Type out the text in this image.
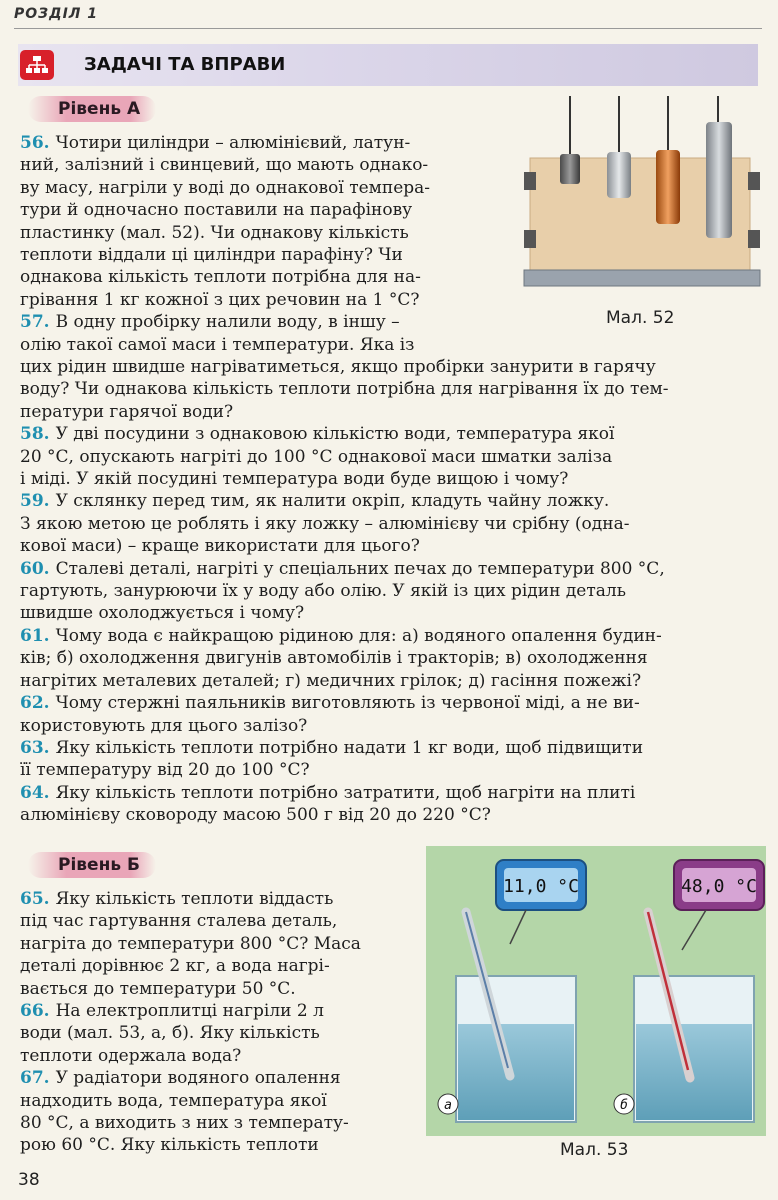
РОЗДІЛ 1
ЗАДАЧІ ТА ВПРАВИ
Рівень А
Мал. 52

56. Чотири циліндри – алюмінієвий, латун-
ний, залізний і свинцевий, що мають однако-
ву масу, нагріли у воді до однакової темпера-
тури й одночасно поставили на парафінову
пластинку (мал. 52). Чи однакову кількість
теплоти віддали ці циліндри парафіну? Чи
однакова кількість теплоти потрібна для на-
грівання 1 кг кожної з цих речовин на 1 °С?

57. В одну пробірку налили воду, в іншу –
олію такої самої маси і температури. Яка із

цих рідин швидше нагріватиметься, якщо пробірки занурити в гарячу
воду? Чи однакова кількість теплоти потрібна для нагрівання їх до тем-
ператури гарячої води?

58. У дві посудини з однаковою кількістю води, температура якої
20 °С, опускають нагріті до 100 °С однакової маси шматки заліза
і міді. У якій посудині температура води буде вищою і чому?

59. У склянку перед тим, як налити окріп, кладуть чайну ложку.
З якою метою це роблять і яку ложку – алюмінієву чи срібну (одна-
кової маси) – краще використати для цього?

60. Сталеві деталі, нагріті у спеціальних печах до температури 800 °С,
гартують, занурюючи їх у воду або олію. У якій із цих рідин деталь
швидше охолоджується і чому?

61. Чому вода є найкращою рідиною для: а) водяного опалення будин-
ків; б) охолодження двигунів автомобілів і тракторів; в) охолодження
нагрітих металевих деталей; г) медичних грілок; д) гасіння пожежі?

62. Чому стержні паяльників виготовляють із червоної міді, а не ви-
користовують для цього залізо?

63. Яку кількість теплоти потрібно надати 1 кг води, щоб підвищити
її температуру від 20 до 100 °С?

64. Яку кількість теплоти потрібно затратити, щоб нагріти на плиті
алюмінієву сковороду масою 500 г від 20 до 220 °С?

Рівень Б

65. Яку кількість теплоти віддасть
під час гартування сталева деталь,
нагріта до температури 800 °С? Маса
деталі дорівнює 2 кг, а вода нагрі-
вається до температури 50 °С.

66. На електроплитці нагріли 2 л
води (мал. 53, а, б). Яку кількість
теплоти одержала вода?

67. У радіатори водяного опалення
надходить вода, температура якої
80 °С, а виходить з них з температу-
рою 60 °С. Яку кількість теплоти

11,0 °C	48,0 °C
а	б
Мал. 53
38
